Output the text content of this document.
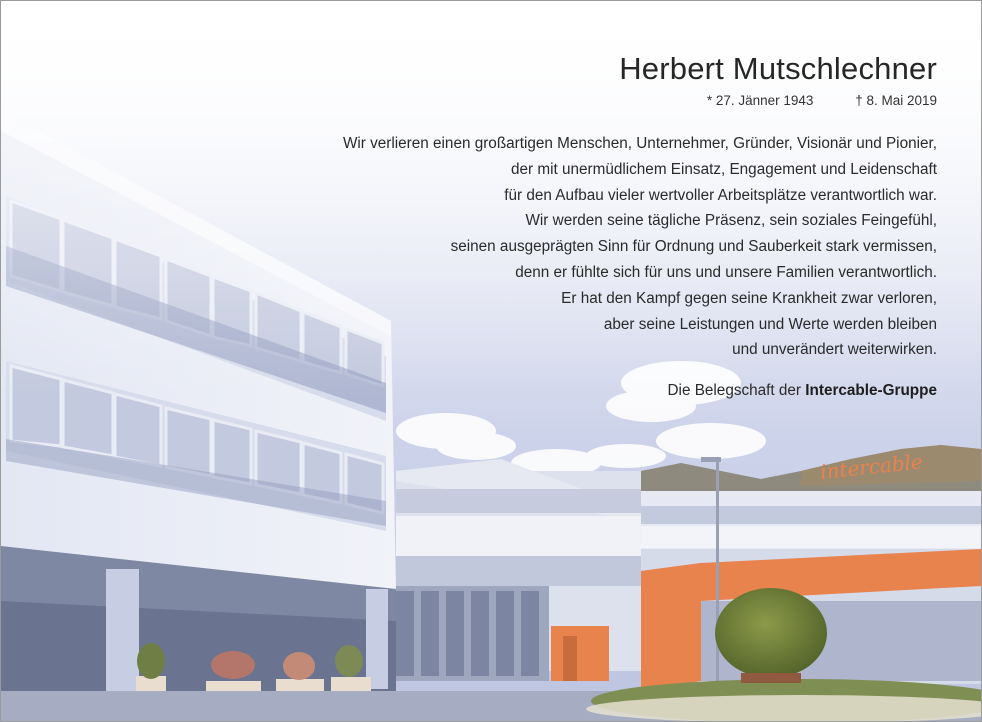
Herbert Mutschlechner
* 27. Jänner 1943	† 8. Mai 2019
Wir verlieren einen großartigen Menschen, Unternehmer, Gründer, Visionär und Pionier,
der mit unermüdlichem Einsatz, Engagement und Leidenschaft
für den Aufbau vieler wertvoller Arbeitsplätze verantwortlich war.
Wir werden seine tägliche Präsenz, sein soziales Feingefühl,
seinen ausgeprägten Sinn für Ordnung und Sauberkeit stark vermissen,
denn er fühlte sich für uns und unsere Familien verantwortlich.
Er hat den Kampf gegen seine Krankheit zwar verloren,
aber seine Leistungen und Werte werden bleiben
und unverändert weiterwirken.
Die Belegschaft der Intercable-Gruppe
